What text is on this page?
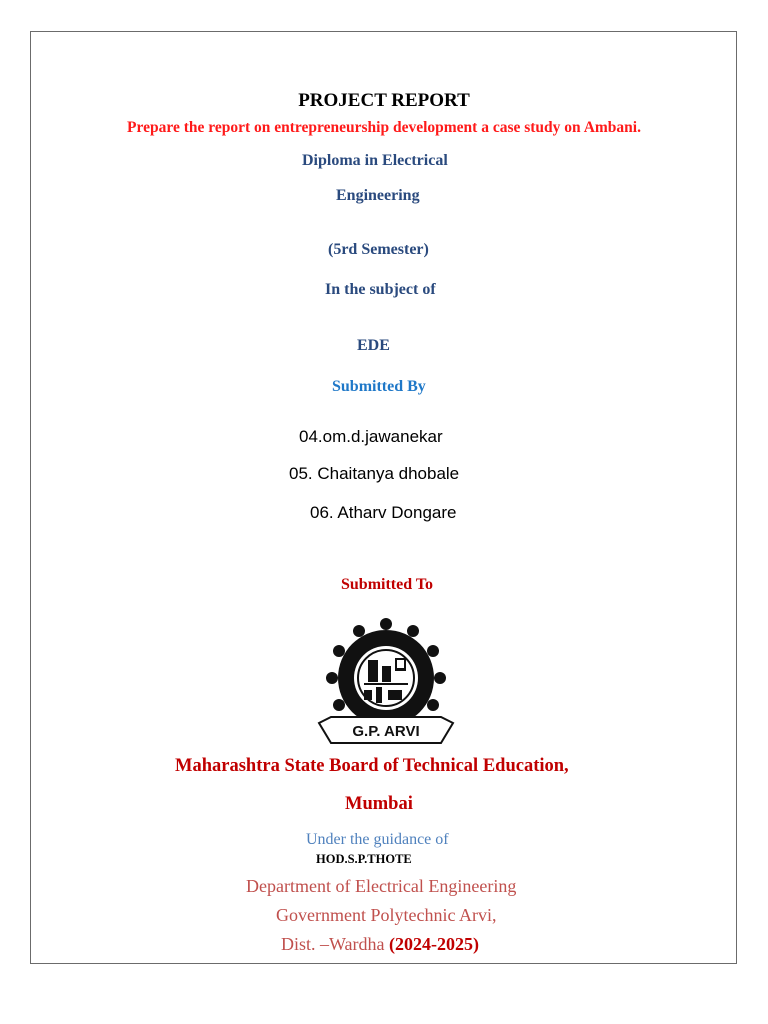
PROJECT REPORT
Prepare the report on entrepreneurship development a case study on Ambani.
Diploma in Electrical
Engineering
(5rd Semester)
In the subject of
EDE
Submitted By
04.om.d.jawanekar
05. Chaitanya dhobale
06. Atharv Dongare
Submitted To
G.P. ARVI
Maharashtra State Board of Technical Education,
Mumbai
Under the guidance of
HOD.S.P.THOTE
Department of Electrical Engineering
Government Polytechnic Arvi,
Dist. –Wardha (2024-2025)
